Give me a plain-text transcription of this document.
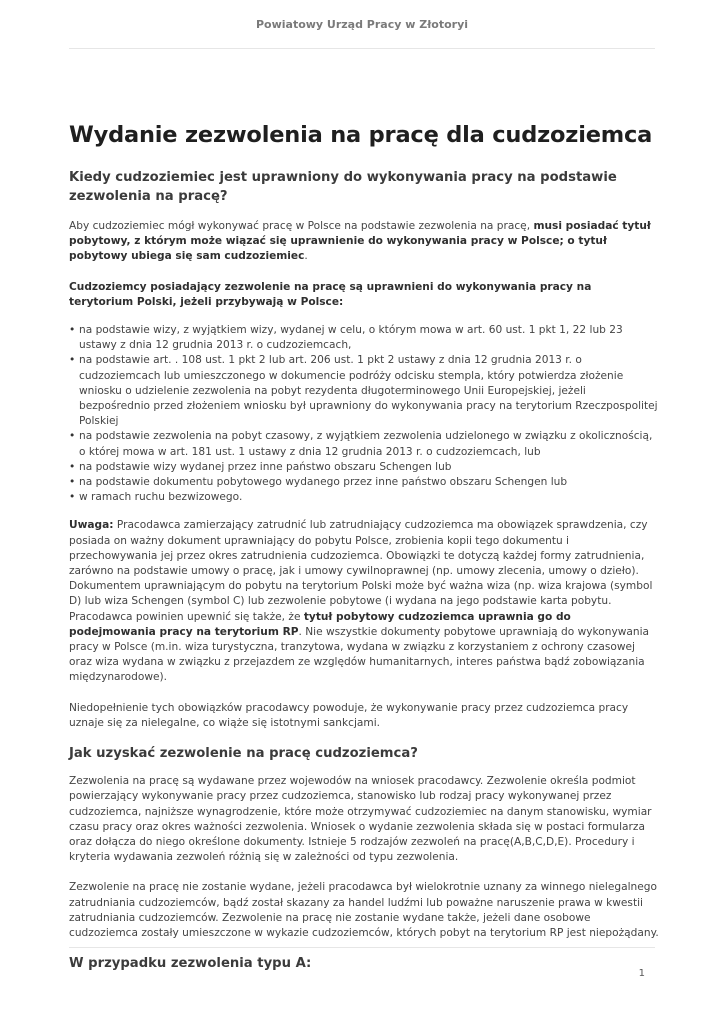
Powiatowy Urząd Pracy w Złotoryi
Wydanie zezwolenia na pracę dla cudzoziemca
Kiedy cudzoziemiec jest uprawniony do wykonywania pracy na podstawie zezwolenia na pracę?

Aby cudzoziemiec mógł wykonywać pracę w Polsce na podstawie zezwolenia na pracę, musi posiadać tytuł pobytowy, z którym może wiązać się uprawnienie do wykonywania pracy w Polsce; o tytuł pobytowy ubiega się sam cudzoziemiec.

Cudzoziemcy posiadający zezwolenie na pracę są uprawnieni do wykonywania pracy na terytorium Polski, jeżeli przybywają w Polsce:

• na podstawie wizy, z wyjątkiem wizy, wydanej w celu, o którym mowa w art. 60 ust. 1 pkt 1, 22 lub 23 ustawy z dnia 12 grudnia 2013 r. o cudzoziemcach,
• na podstawie art. . 108 ust. 1 pkt 2 lub art. 206 ust. 1 pkt 2 ustawy z dnia 12 grudnia 2013 r. o cudzoziemcach lub umieszczonego w dokumencie podróży odcisku stempla, który potwierdza złożenie wniosku o udzielenie zezwolenia na pobyt rezydenta długoterminowego Unii Europejskiej, jeżeli bezpośrednio przed złożeniem wniosku był uprawniony do wykonywania pracy na terytorium Rzeczpospolitej Polskiej
• na podstawie zezwolenia na pobyt czasowy, z wyjątkiem zezwolenia udzielonego w związku z okolicznością, o której mowa w art. 181 ust. 1 ustawy z dnia 12 grudnia 2013 r. o cudzoziemcach, lub
• na podstawie wizy wydanej przez inne państwo obszaru Schengen lub
• na podstawie dokumentu pobytowego wydanego przez inne państwo obszaru Schengen lub
• w ramach ruchu bezwizowego.

Uwaga: Pracodawca zamierzający zatrudnić lub zatrudniający cudzoziemca ma obowiązek sprawdzenia, czy posiada on ważny dokument uprawniający do pobytu Polsce, zrobienia kopii tego dokumentu i przechowywania jej przez okres zatrudnienia cudzoziemca. Obowiązki te dotyczą każdej formy zatrudnienia, zarówno na podstawie umowy o pracę, jak i umowy cywilnoprawnej (np. umowy zlecenia, umowy o dzieło). Dokumentem uprawniającym do pobytu na terytorium Polski może być ważna wiza (np. wiza krajowa (symbol D) lub wiza Schengen (symbol C) lub zezwolenie pobytowe (i wydana na jego podstawie karta pobytu. Pracodawca powinien upewnić się także, że tytuł pobytowy cudzoziemca uprawnia go do podejmowania pracy na terytorium RP. Nie wszystkie dokumenty pobytowe uprawniają do wykonywania pracy w Polsce (m.in. wiza turystyczna, tranzytowa, wydana w związku z korzystaniem z ochrony czasowej oraz wiza wydana w związku z przejazdem ze względów humanitarnych, interes państwa bądź zobowiązania międzynarodowe).

Niedopełnienie tych obowiązków pracodawcy powoduje, że wykonywanie pracy przez cudzoziemca pracy uznaje się za nielegalne, co wiąże się istotnymi sankcjami.

Jak uzyskać zezwolenie na pracę cudzoziemca?

Zezwolenia na pracę są wydawane przez wojewodów na wniosek pracodawcy. Zezwolenie określa podmiot powierzający wykonywanie pracy przez cudzoziemca, stanowisko lub rodzaj pracy wykonywanej przez cudzoziemca, najniższe wynagrodzenie, które może otrzymywać cudzoziemiec na danym stanowisku, wymiar czasu pracy oraz okres ważności zezwolenia. Wniosek o wydanie zezwolenia składa się w postaci formularza oraz dołącza do niego określone dokumenty. Istnieje 5 rodzajów zezwoleń na pracę(A,B,C,D,E). Procedury i kryteria wydawania zezwoleń różnią się w zależności od typu zezwolenia.

Zezwolenie na pracę nie zostanie wydane, jeżeli pracodawca był wielokrotnie uznany za winnego nielegalnego zatrudniania cudzoziemców, bądź został skazany za handel ludźmi lub poważne naruszenie prawa w kwestii zatrudniania cudzoziemców. Zezwolenie na pracę nie zostanie wydane także, jeżeli dane osobowe cudzoziemca zostały umieszczone w wykazie cudzoziemców, których pobyt na terytorium RP jest niepożądany.

W przypadku zezwolenia typu A:
1
